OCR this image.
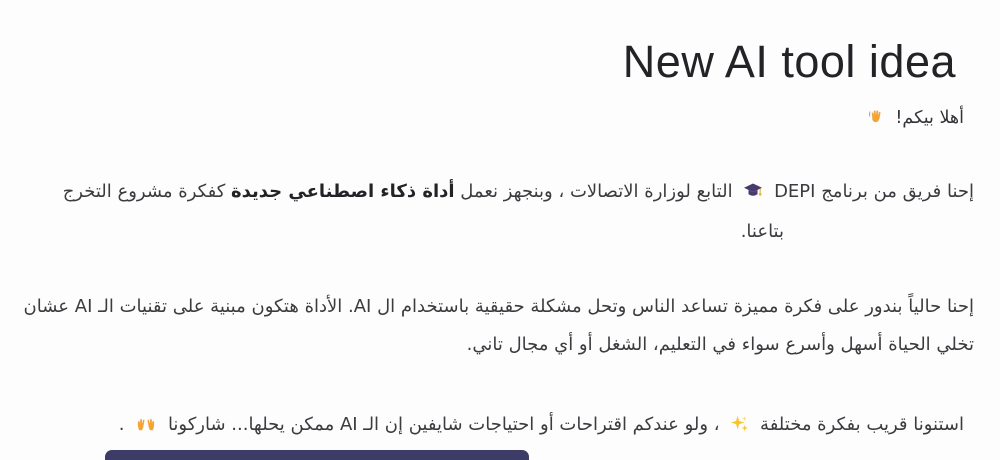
New AI tool idea
أهلا بيكم!
إحنا فريق من برنامج DEPI  التابع لوزارة الاتصالات ، وبنجهز نعمل أداة ذكاء اصطناعي جديدة كفكرة مشروع التخرج
بتاعنا.
إحنا حالياً بندور على فكرة مميزة تساعد الناس وتحل مشكلة حقيقية باستخدام ال AI. الأداة هتكون مبنية على تقنيات الـ AI عشان
تخلي الحياة أسهل وأسرع سواء في التعليم، الشغل أو أي مجال تاني.
استنونا قريب بفكرة مختلفة  ، ولو عندكم اقتراحات أو احتياجات شايفين إن الـ AI ممكن يحلها... شاركونا  .
